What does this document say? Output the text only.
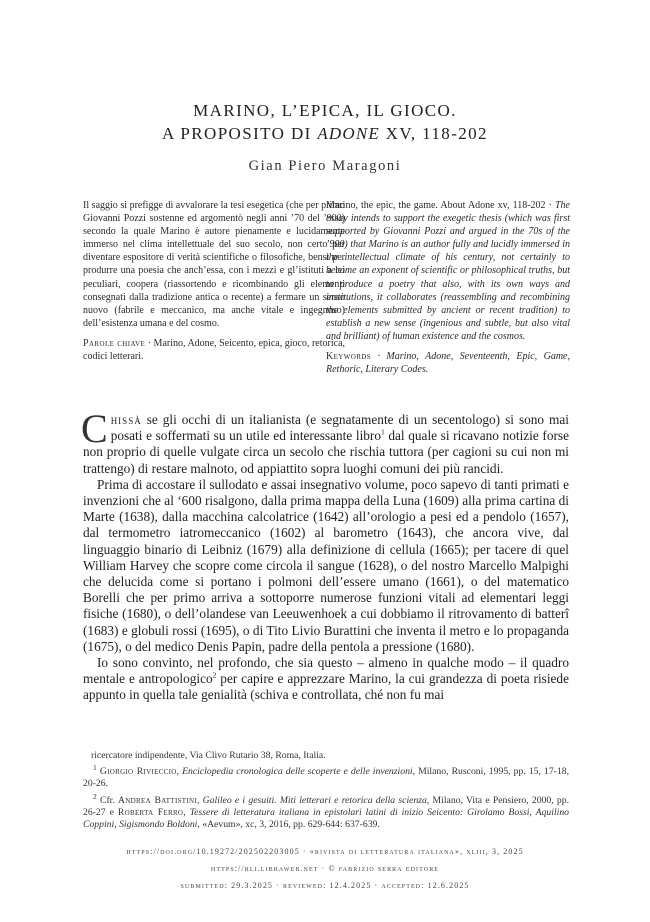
MARINO, L’EPICA, IL GIOCO.
A PROPOSITO DI ADONE XV, 118-202
Gian Piero Maragoni
Il saggio si prefigge di avvalorare la tesi esegetica (che per primo Giovanni Pozzi sostenne ed argomentò negli anni ’70 del ’900) secondo la quale Marino è autore pienamente e lucidamente immerso nel clima intellettuale del suo secolo, non certo per diventare espositore di verità scientifiche o filosofiche, bensì per produrre una poesia che anch’essa, con i mezzi e gl’istituti a lei peculiari, coopera (riassortendo e ricombinando gli elementi consegnati dalla tradizione antica o recente) a fermare un senso nuovo (fabrile e meccanico, ma anche vitale e ingegnoso) dell’esistenza umana e del cosmo.
Parole chiave · Marino, Adone, Seicento, epica, gioco, retorica, codici letterari.
Marino, the epic, the game. About Adone xv, 118-202 · The essay intends to support the exegetic thesis (which was first supported by Giovanni Pozzi and argued in the 70s of the ’900) that Marino is an author fully and lucidly immersed in the intellectual climate of his century, not certainly to become an exponent of scientific or philosophical truths, but to produce a poetry that also, with its own ways and institutions, it collaborates (reassembling and recombining the elements submitted by ancient or recent tradition) to establish a new sense (ingenious and subtle, but also vital and brilliant) of human existence and the cosmos.
Keywords · Marino, Adone, Seventeenth, Epic, Game, Rethoric, Literary Codes.

Chissà se gli occhi di un italianista (e segnatamente di un secentologo) si sono mai posati e soffermati su un utile ed interessante libro$^1$ dal quale si ricavano notizie forse non proprio di quelle vulgate circa un secolo che rischia tuttora (per cagioni su cui non mi trattengo) di restare malnoto, od appiattito sopra luoghi comuni dei più rancidi.

Prima di accostare il sullodato e assai insegnativo volume, poco sapevo di tanti primati e invenzioni che al ‘600 risalgono, dalla prima mappa della Luna (1609) alla prima cartina di Marte (1638), dalla macchina calcolatrice (1642) all’orologio a pesi ed a pendolo (1657), dal termometro iatromeccanico (1602) al barometro (1643), che ancora vive, dal linguaggio binario di Leibniz (1679) alla definizione di cellula (1665); per tacere di quel William Harvey che scopre come circola il sangue (1628), o del nostro Marcello Malpighi che delucida come si portano i polmoni dell’essere umano (1661), o del matematico Borelli che per primo arriva a sottoporre numerose funzioni vitali ad elementari leggi fisiche (1680), o dell’olandese van Leeuwenhoek a cui dobbiamo il ritrovamento di batterî (1683) e globuli rossi (1695), o di Tito Livio Burattini che inventa il metro e lo propaganda (1675), o del medico Denis Papin, padre della pentola a pressione (1680).

Io sono convinto, nel profondo, che sia questo – almeno in qualche modo – il quadro mentale e antropologico$^2$ per capire e apprezzare Marino, la cui grandezza di poeta risiede appunto in quella tale genialità (schiva e controllata, ché non fu mai

ricercatore indipendente, Via Clivo Rutario 38, Roma, Italia.

$^1$ Giorgio Rivieccio, Enciclopedia cronologica delle scoperte e delle invenzioni, Milano, Rusconi, 1995, pp. 15, 17-18, 20-26.

$^2$ Cfr. Andrea Battistini, Galileo e i gesuiti. Miti letterari e retorica della scienza, Milano, Vita e Pensiero, 2000, pp. 26-27 e Roberta Ferro, Tessere di letteratura italiana in epistolari latini di inizio Seicento: Girolamo Bossi, Aquilino Coppini, Sigismondo Boldoni, «Aevum», xc, 3, 2016, pp. 629-644: 637-639.

https://doi.org/10.19272/202502203005 · «rivista di letteratura italiana», xliii, 3, 2025
https://rli.libraweb.net · © fabrizio serra editore
submitted: 29.3.2025 · reviewed: 12.4.2025 · accepted: 12.6.2025
